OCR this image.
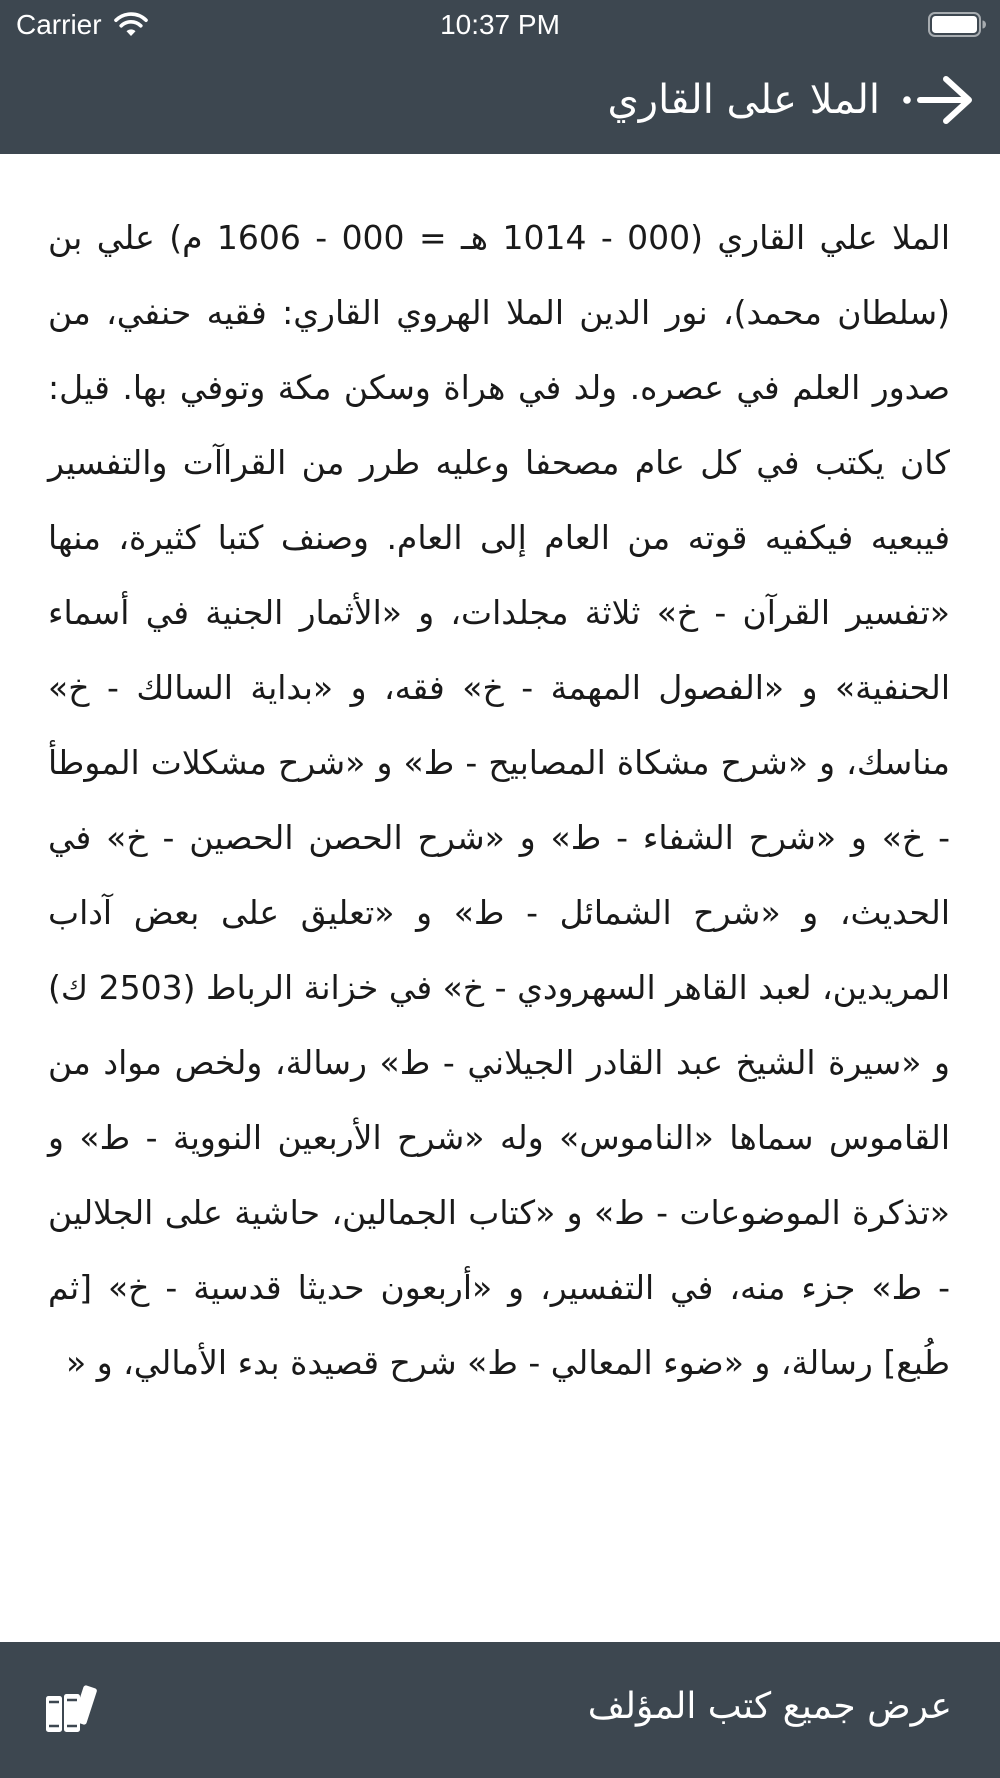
Carrier	10:37 PM
الملا على القاري

الملا علي القاري (000 - 1014 هـ = 000 - 1606 م) علي بن (سلطان محمد)، نور الدين الملا الهروي القاري: فقيه حنفي، من صدور العلم في عصره. ولد في هراة وسكن مكة وتوفي بها. قيل: كان يكتب في كل عام مصحفا وعليه طرر من القراآت والتفسير فيبعيه فيكفيه قوته من العام إلى العام. وصنف كتبا كثيرة، منها «تفسير القرآن - خ» ثلاثة مجلدات، و «الأثمار الجنية في أسماء الحنفية» و «الفصول المهمة - خ» فقه، و «بداية السالك - خ» مناسك، و «شرح مشكاة المصابيح - ط» و «شرح مشكلات الموطأ - خ» و «شرح الشفاء - ط» و «شرح الحصن الحصين - خ» في الحديث، و «شرح الشمائل - ط» و «تعليق على بعض آداب المريدين، لعبد القاهر السهرودي - خ» في خزانة الرباط (2503 ك) و «سيرة الشيخ عبد القادر الجيلاني - ط» رسالة، ولخص مواد من القاموس سماها «الناموس» وله «شرح الأربعين النووية - ط» و «تذكرة الموضوعات - ط» و «كتاب الجمالين، حاشية على الجلالين - ط» جزء منه، في التفسير، و «أربعون حديثا قدسية - خ» [ثم طُبع] رسالة، و «ضوء المعالي - ط» شرح قصيدة بدء الأمالي، و «

عرض جميع كتب المؤلف
